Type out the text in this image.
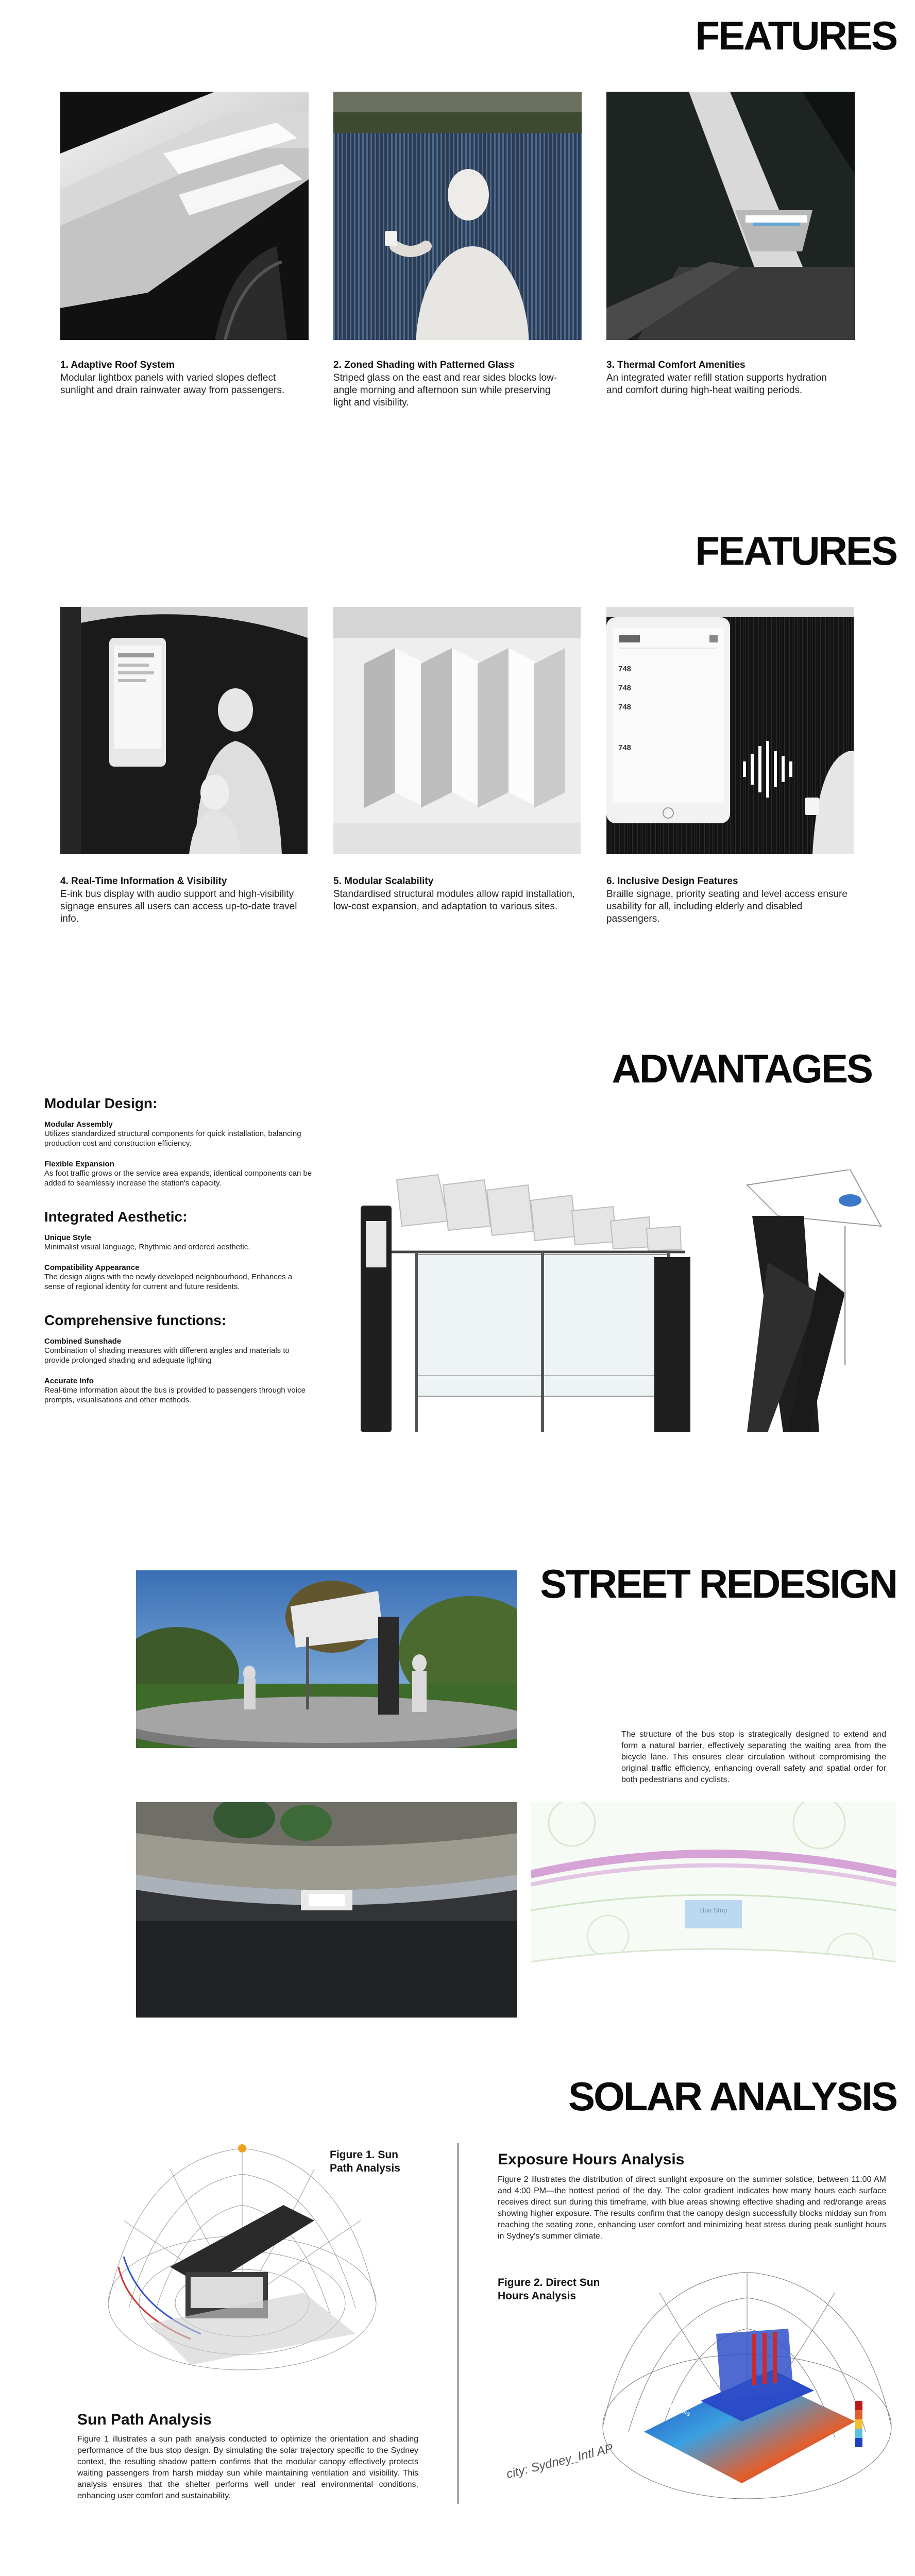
FEATURES

1. Adaptive Roof System

Modular lightbox panels with varied slopes deflect sunlight and drain rainwater away from passengers.

2. Zoned Shading with Patterned Glass

Striped glass on the east and rear sides blocks low-angle morning and afternoon sun while preserving light and visibility.

3. Thermal Comfort Amenities

An integrated water refill station supports hydration and comfort during high-heat waiting periods.

FEATURES
748
748
748
748

4. Real-Time Information & Visibility

E-ink bus display with audio support and high-visibility signage ensures all users can access up-to-date travel info.

5. Modular Scalability

Standardised structural modules allow rapid installation, low-cost expansion, and adaptation to various sites.

6. Inclusive Design Features

Braille signage, priority seating and level access ensure usability for all, including elderly and disabled passengers.

ADVANTAGES

Modular Design:

Modular Assembly

Utilizes standardized structural components for quick installation, balancing production cost and construction efficiency.

Flexible Expansion

As foot traffic grows or the service area expands, identical components can be added to seamlessly increase the station's capacity.

Integrated Aesthetic:

Unique Style

Minimalist visual language, Rhythmic and ordered aesthetic.

Compatibility Appearance

The design aligns with the newly developed neighbourhood, Enhances a sense of regional identity for current and future residents.

Comprehensive functions:

Combined Sunshade

Combination of shading measures with different angles and materials to provide prolonged shading and adequate lighting

Accurate Info

Real-time information about the bus is provided to passengers through voice prompts, visualisations and other methods.

STREET REDESIGN
The structure of the bus stop is strategically designed to extend and form a natural barrier, effectively separating the waiting area from the bicycle lane. This ensures clear circulation without compromising the original traffic efficiency, enhancing overall safety and spatial order for both pedestrians and cyclists.
Bus Stop
SOLAR ANALYSIS
Figure 1. Sun Path Analysis
Sun Path Analysis
Figure 1 illustrates a sun path analysis conducted to optimize the orientation and shading performance of the bus stop design. By simulating the solar trajectory specific to the Sydney context, the resulting shadow pattern confirms that the modular canopy effectively protects waiting passengers from harsh midday sun while maintaining ventilation and visibility. This analysis ensures that the shelter performs well under real environmental conditions, enhancing user comfort and sustainability.
Exposure Hours Analysis
Figure 2 illustrates the distribution of direct sunlight exposure on the summer solstice, between 11:00 AM and 4:00 PM—the hottest period of the day. The color gradient indicates how many hours each surface receives direct sun during this timeframe, with blue areas showing effective shading and red/orange areas showing higher exposure. The results confirm that the canopy design successfully blocks midday sun from reaching the seating zone, enhancing user comfort and minimizing heat stress during peak sunlight hours in Sydney's summer climate.
Figure 2. Direct Sun Hours Analysis
Direct Sun Hours
city: Sydney_Intl AP
